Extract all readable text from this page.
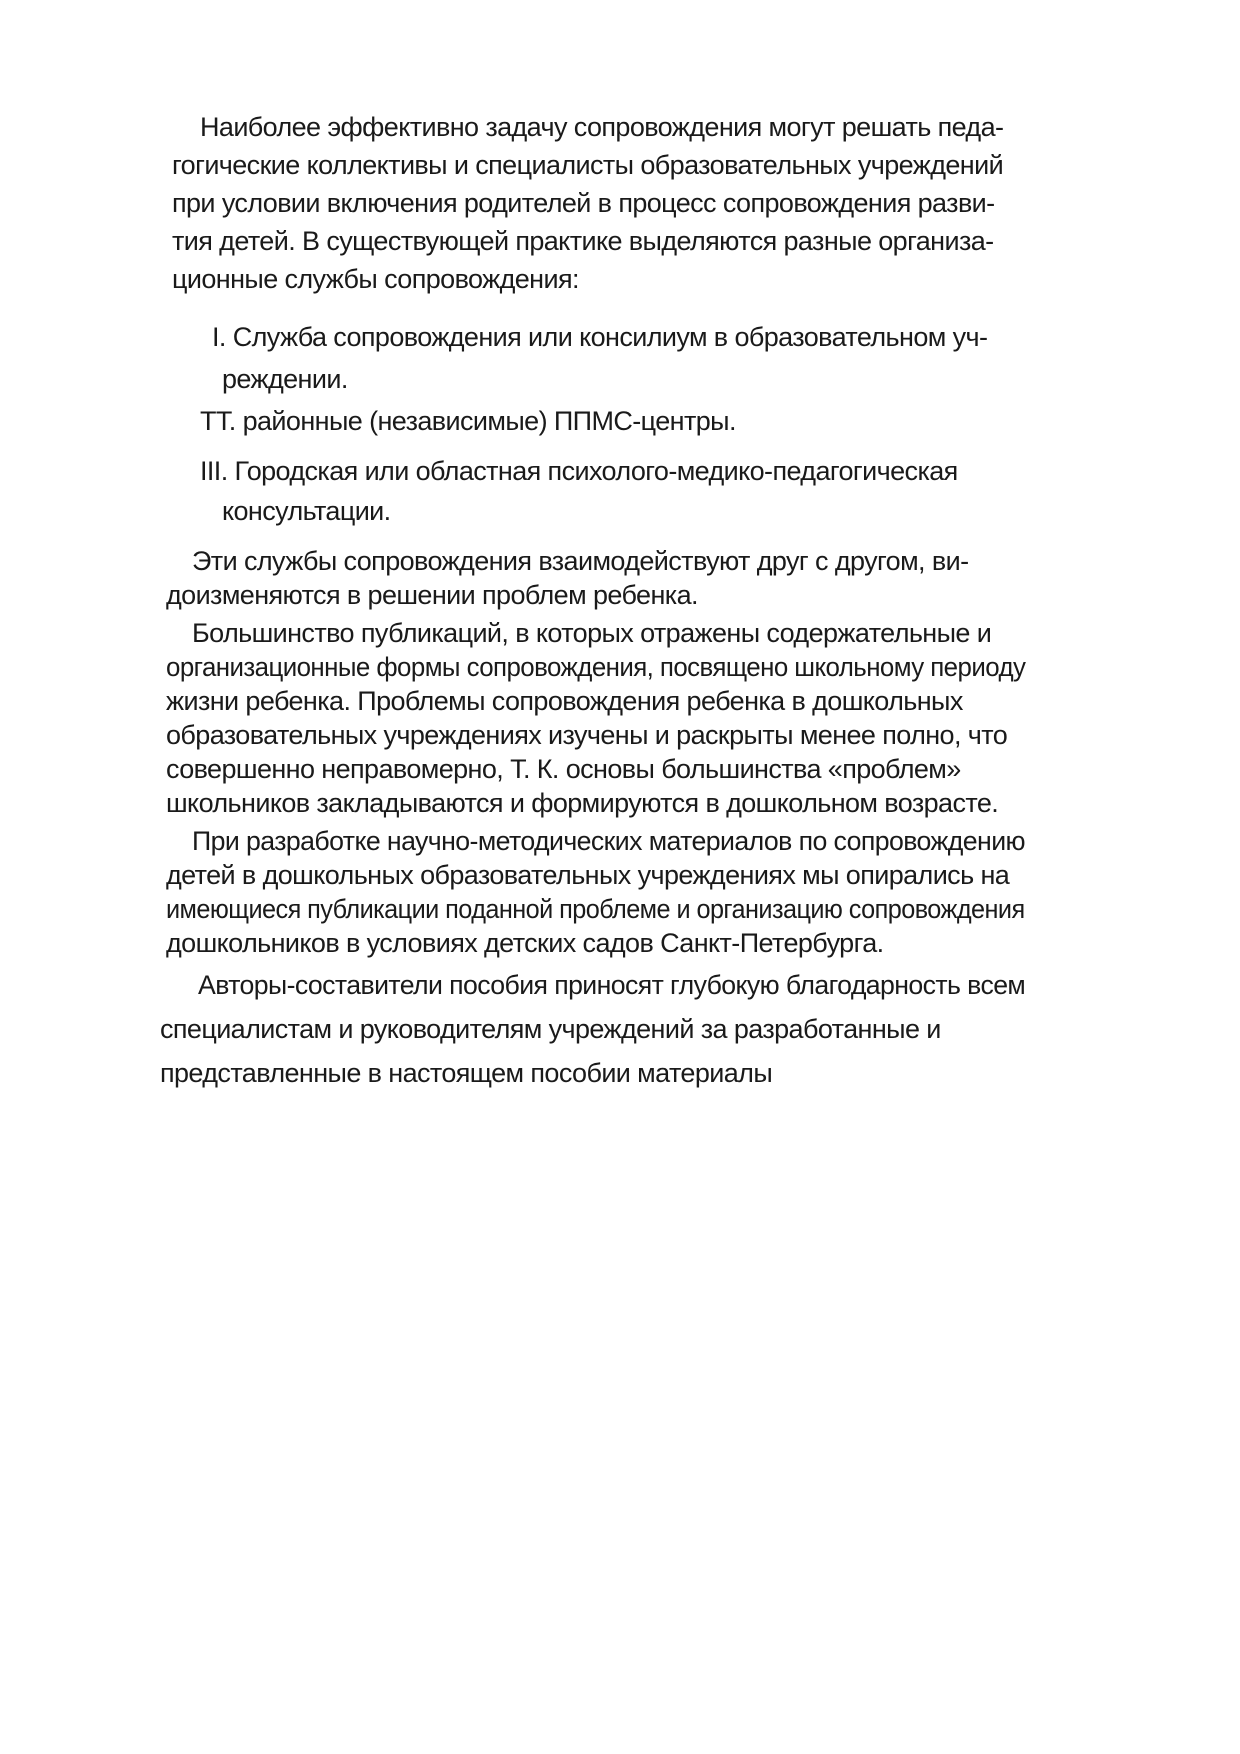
Наиболее эффективно задачу сопровождения могут решать педа-
гогические коллективы и специалисты образовательных учреждений
при условии включения родителей в процесс сопровождения разви-
тия детей. В существующей практике выделяются разные организа-
ционные службы сопровождения:
I. Служба сопровождения или консилиум в образовательном уч-
реждении.
ТТ. районные (независимые) ППМС-центры.
III. Городская или областная психолого-медико-педагогическая
консультации.
Эти службы сопровождения взаимодействуют друг с другом, ви-
доизменяются в решении проблем ребенка.
Большинство публикаций, в которых отражены содержательные и
организационные формы сопровождения, посвящено школьному периоду
жизни ребенка. Проблемы сопровождения ребенка в дошкольных
образовательных учреждениях изучены и раскрыты менее полно, что
совершенно неправомерно, Т. К. основы большинства «проблем»
школьников закладываются и формируются в дошкольном возрасте.
При разработке научно-методических материалов по сопровождению
детей в дошкольных образовательных учреждениях мы опирались на
имеющиеся публикации поданной проблеме и организацию сопровождения
дошкольников в условиях детских садов Санкт-Петербурга.
Авторы-составители пособия приносят глубокую благодарность всем
специалистам и руководителям учреждений за разработанные и
представленные в настоящем пособии материалы
